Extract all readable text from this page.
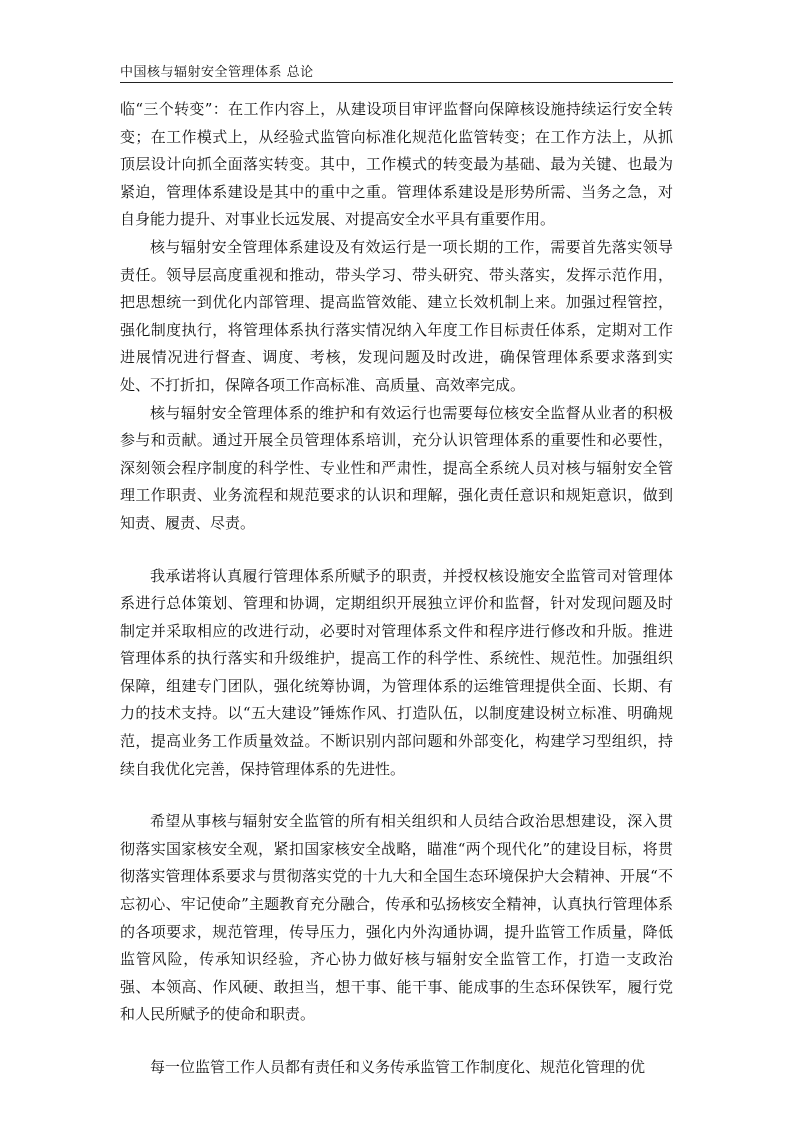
中国核与辐射安全管理体系 总论

临“三个转变”：在工作内容上，从建设项目审评监督向保障核设施持续运行安全转变；在工作模式上，从经验式监管向标准化规范化监管转变；在工作方法上，从抓顶层设计向抓全面落实转变。其中，工作模式的转变最为基础、最为关键、也最为紧迫，管理体系建设是其中的重中之重。管理体系建设是形势所需、当务之急，对自身能力提升、对事业长远发展、对提高安全水平具有重要作用。

核与辐射安全管理体系建设及有效运行是一项长期的工作，需要首先落实领导责任。领导层高度重视和推动，带头学习、带头研究、带头落实，发挥示范作用，把思想统一到优化内部管理、提高监管效能、建立长效机制上来。加强过程管控，强化制度执行，将管理体系执行落实情况纳入年度工作目标责任体系，定期对工作进展情况进行督查、调度、考核，发现问题及时改进，确保管理体系要求落到实处、不打折扣，保障各项工作高标准、高质量、高效率完成。

核与辐射安全管理体系的维护和有效运行也需要每位核安全监督从业者的积极参与和贡献。通过开展全员管理体系培训，充分认识管理体系的重要性和必要性，深刻领会程序制度的科学性、专业性和严肃性，提高全系统人员对核与辐射安全管理工作职责、业务流程和规范要求的认识和理解，强化责任意识和规矩意识，做到知责、履责、尽责。

我承诺将认真履行管理体系所赋予的职责，并授权核设施安全监管司对管理体系进行总体策划、管理和协调，定期组织开展独立评价和监督，针对发现问题及时制定并采取相应的改进行动，必要时对管理体系文件和程序进行修改和升版。推进管理体系的执行落实和升级维护，提高工作的科学性、系统性、规范性。加强组织保障，组建专门团队，强化统筹协调，为管理体系的运维管理提供全面、长期、有力的技术支持。以“五大建设”锤炼作风、打造队伍，以制度建设树立标准、明确规范，提高业务工作质量效益。不断识别内部问题和外部变化，构建学习型组织，持续自我优化完善，保持管理体系的先进性。

希望从事核与辐射安全监管的所有相关组织和人员结合政治思想建设，深入贯彻落实国家核安全观，紧扣国家核安全战略，瞄准“两个现代化”的建设目标，将贯彻落实管理体系要求与贯彻落实党的十九大和全国生态环境保护大会精神、开展“不忘初心、牢记使命”主题教育充分融合，传承和弘扬核安全精神，认真执行管理体系的各项要求，规范管理，传导压力，强化内外沟通协调，提升监管工作质量，降低监管风险，传承知识经验，齐心协力做好核与辐射安全监管工作，打造一支政治强、本领高、作风硬、敢担当，想干事、能干事、能成事的生态环保铁军，履行党和人民所赋予的使命和职责。

每一位监管工作人员都有责任和义务传承监管工作制度化、规范化管理的优
